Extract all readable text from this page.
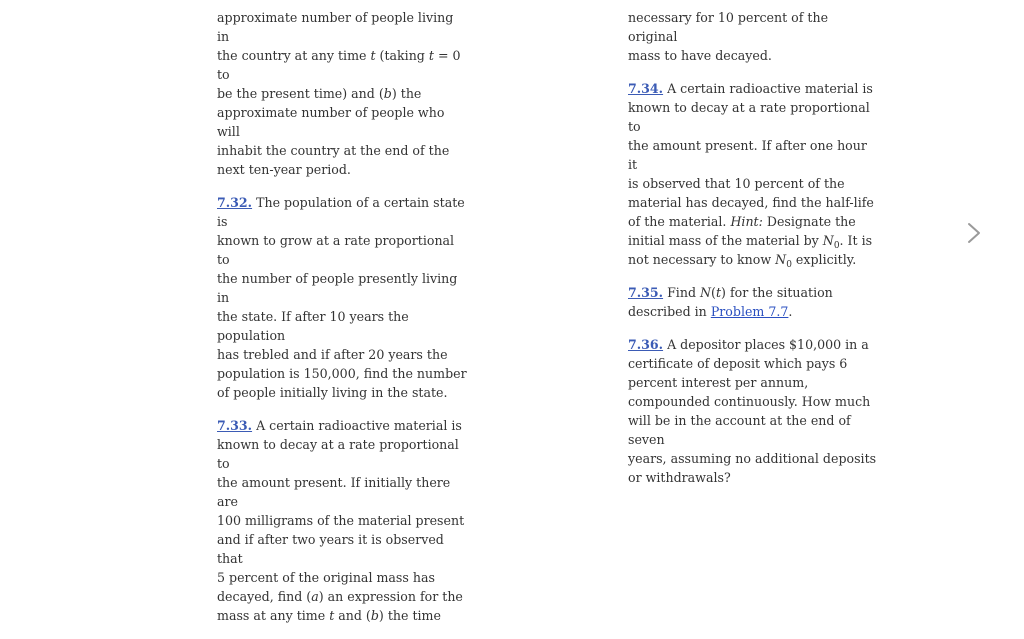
approximate number of people living in
the country at any time t (taking t = 0 to
be the present time) and (b) the
approximate number of people who will
inhabit the country at the end of the
next ten-year period.
7.32. The population of a certain state is
known to grow at a rate proportional to
the number of people presently living in
the state. If after 10 years the population
has trebled and if after 20 years the
population is 150,000, find the number
of people initially living in the state.
7.33. A certain radioactive material is
known to decay at a rate proportional to
the amount present. If initially there are
100 milligrams of the material present
and if after two years it is observed that
5 percent of the original mass has
decayed, find (a) an expression for the
mass at any time t and (b) the time
necessary for 10 percent of the original
mass to have decayed.
7.34. A certain radioactive material is
known to decay at a rate proportional to
the amount present. If after one hour it
is observed that 10 percent of the
material has decayed, find the half-life
of the material. Hint: Designate the
initial mass of the material by $N_0$. It is
not necessary to know $N_0$ explicitly.
7.35. Find N(t) for the situation
described in Problem 7.7.
7.36. A depositor places $10,000 in a
certificate of deposit which pays 6
percent interest per annum,
compounded continuously. How much
will be in the account at the end of seven
years, assuming no additional deposits
or withdrawals?
